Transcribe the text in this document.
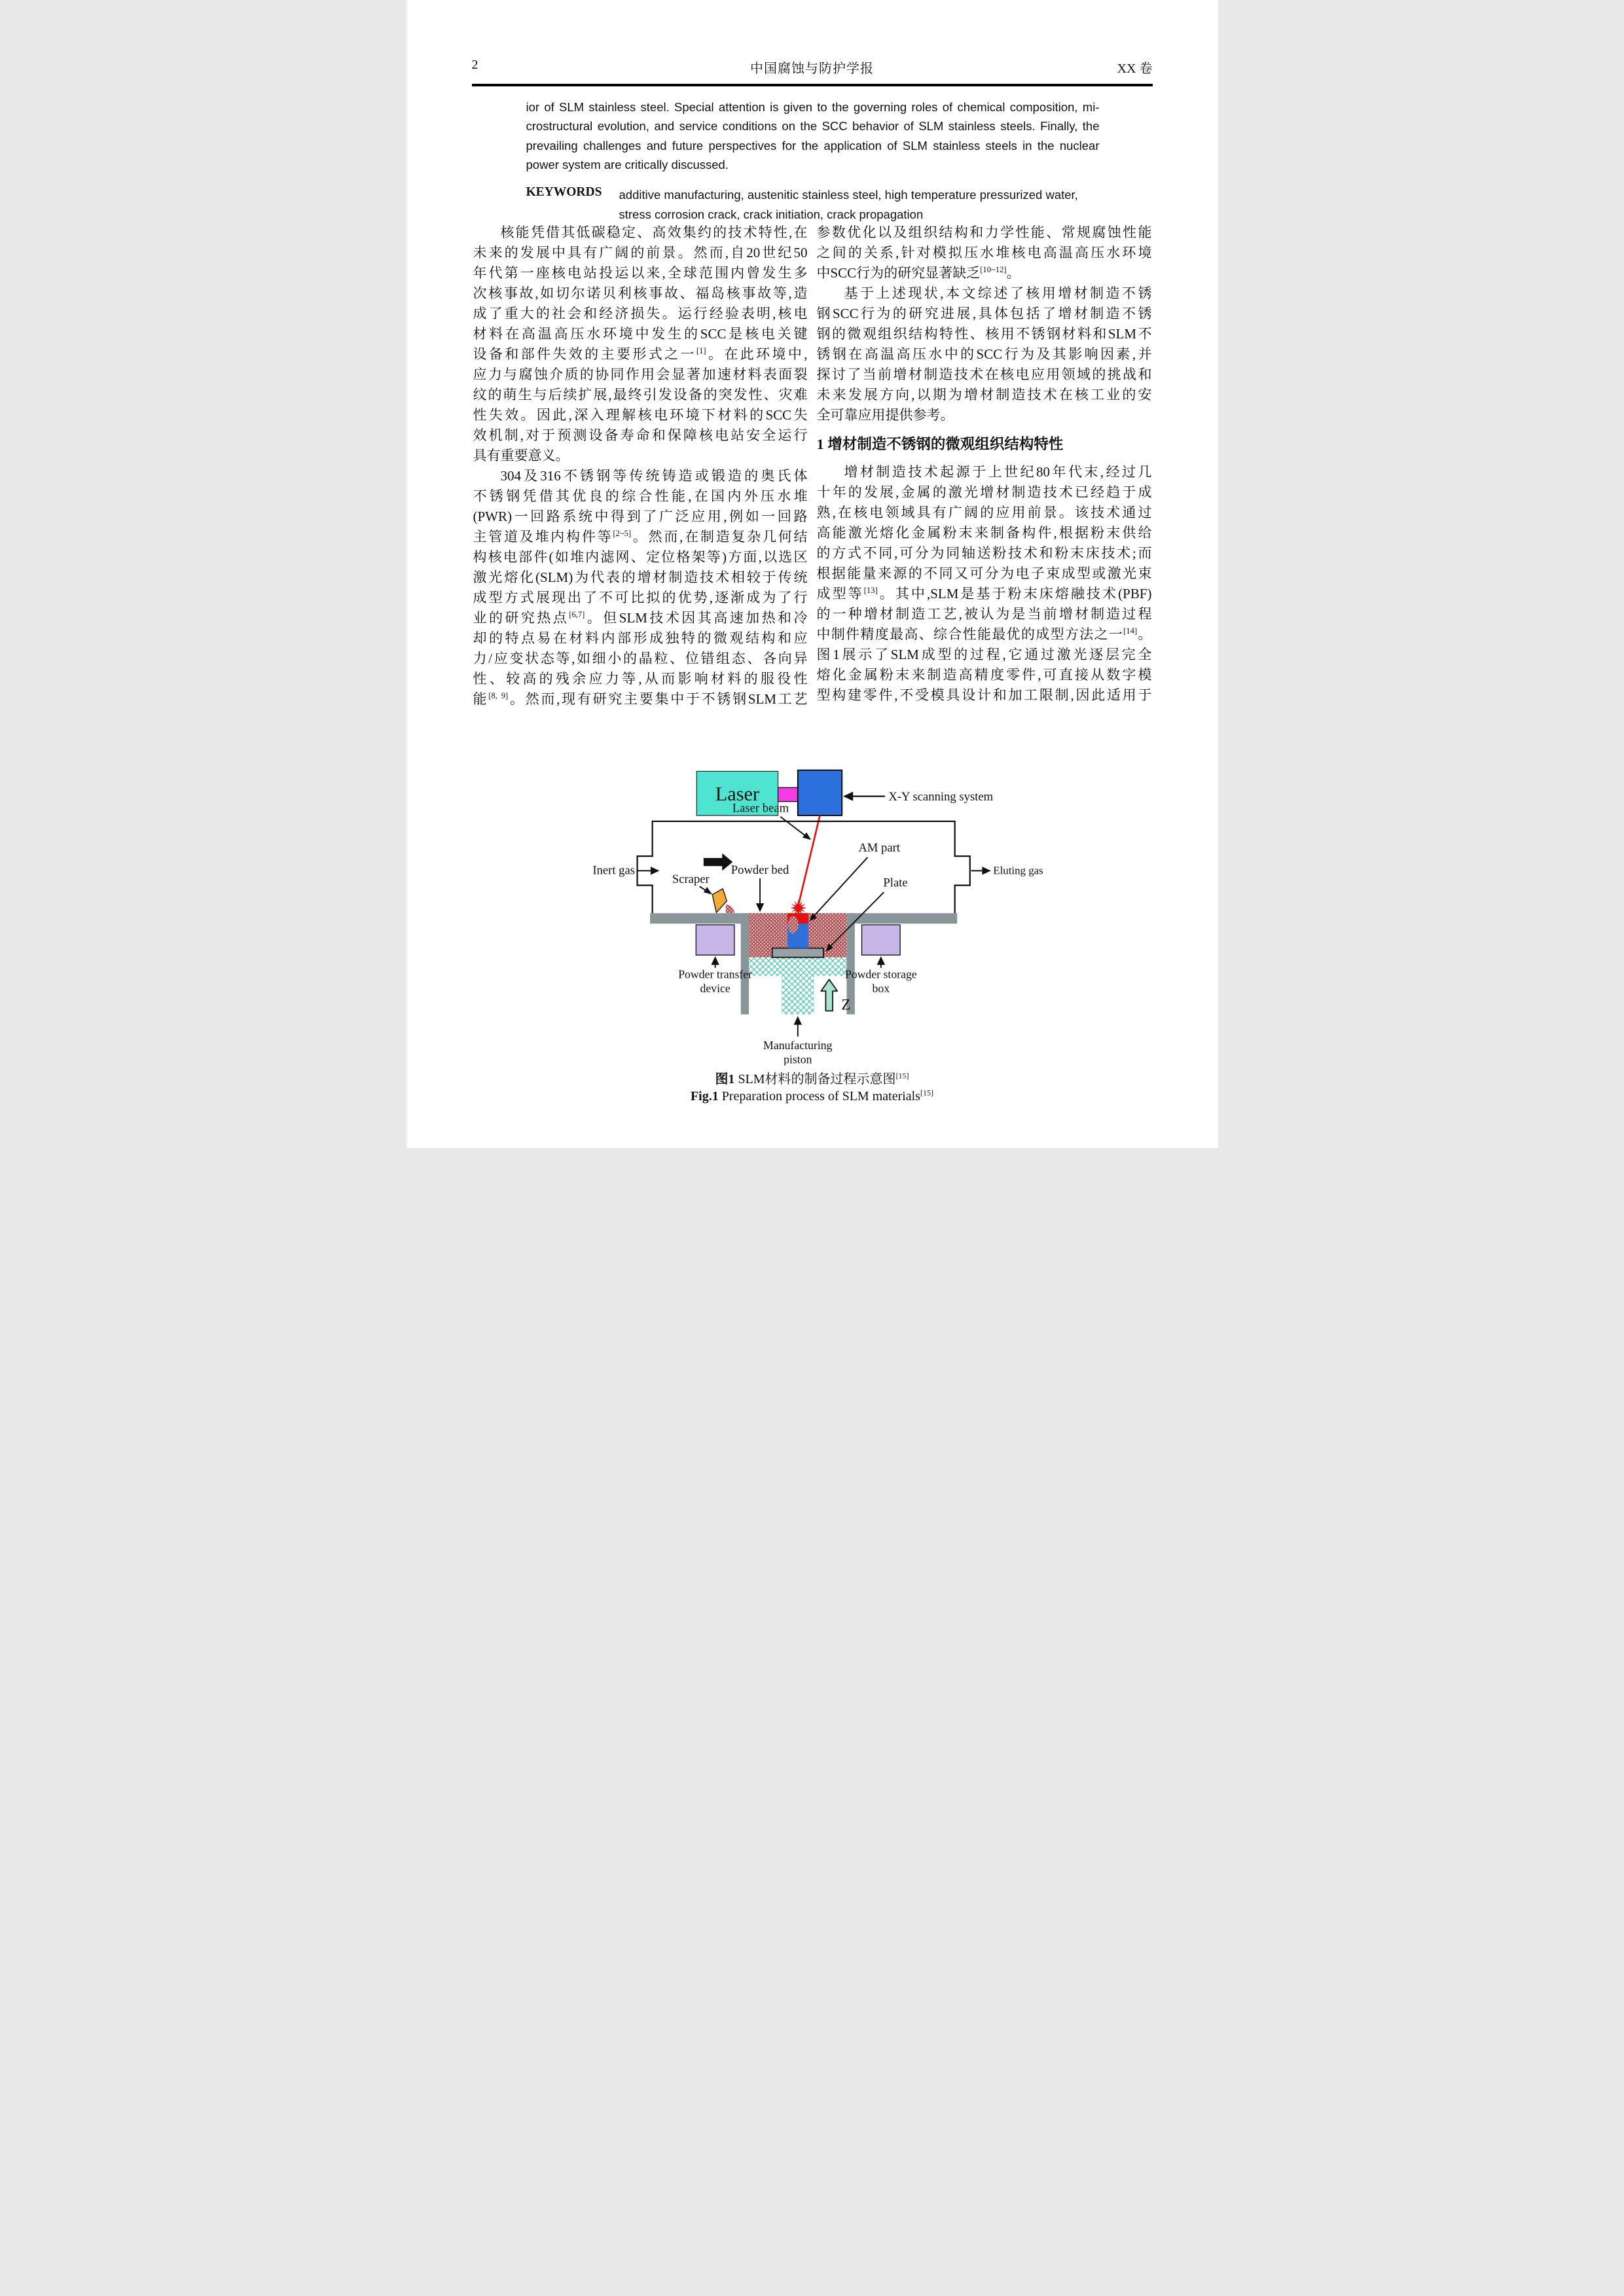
2	中国腐蚀与防护学报	XX 卷
ior of SLM stainless steel. Special attention is given to the governing roles of chemical composition, mi-
crostructural evolution, and service conditions on the SCC behavior of SLM stainless steels. Finally, the
prevailing challenges and future perspectives for the application of SLM stainless steels in the nuclear
power system are critically discussed.
KEYWORDS	additive manufacturing, austenitic stainless steel, high temperature pressurized water,
stress corrosion crack, crack initiation, crack propagation
核能凭借其低碳稳定、高效集约的技术特性,在
未来的发展中具有广阔的前景。然而,自20世纪50
年代第一座核电站投运以来,全球范围内曾发生多
次核事故,如切尔诺贝利核事故、福岛核事故等,造
成了重大的社会和经济损失。运行经验表明,核电
材料在高温高压水环境中发生的SCC是核电关键
设备和部件失效的主要形式之一[1]。在此环境中,
应力与腐蚀介质的协同作用会显著加速材料表面裂
纹的萌生与后续扩展,最终引发设备的突发性、灾难
性失效。因此,深入理解核电环境下材料的SCC失
效机制,对于预测设备寿命和保障核电站安全运行
具有重要意义。
304及316不锈钢等传统铸造或锻造的奥氏体
不锈钢凭借其优良的综合性能,在国内外压水堆
(PWR)一回路系统中得到了广泛应用,例如一回路
主管道及堆内构件等[2~5]。然而,在制造复杂几何结
构核电部件(如堆内滤网、定位格架等)方面,以选区
激光熔化(SLM)为代表的增材制造技术相较于传统
成型方式展现出了不可比拟的优势,逐渐成为了行
业的研究热点[6,7]。但SLM技术因其高速加热和冷
却的特点易在材料内部形成独特的微观结构和应
力/应变状态等,如细小的晶粒、位错组态、各向异
性、较高的残余应力等,从而影响材料的服役性
能[8, 9]。然而,现有研究主要集中于不锈钢SLM工艺
参数优化以及组织结构和力学性能、常规腐蚀性能
之间的关系,针对模拟压水堆核电高温高压水环境
中SCC行为的研究显著缺乏[10~12]。
基于上述现状,本文综述了核用增材制造不锈
钢SCC行为的研究进展,具体包括了增材制造不锈
钢的微观组织结构特性、核用不锈钢材料和SLM不
锈钢在高温高压水中的SCC行为及其影响因素,并
探讨了当前增材制造技术在核电应用领域的挑战和
未来发展方向,以期为增材制造技术在核工业的安
全可靠应用提供参考。
1 增材制造不锈钢的微观组织结构特性
增材制造技术起源于上世纪80年代末,经过几
十年的发展,金属的激光增材制造技术已经趋于成
熟,在核电领域具有广阔的应用前景。该技术通过
高能激光熔化金属粉末来制备构件,根据粉末供给
的方式不同,可分为同轴送粉技术和粉末床技术;而
根据能量来源的不同又可分为电子束成型或激光束
成型等[13]。其中,SLM是基于粉末床熔融技术(PBF)
的一种增材制造工艺,被认为是当前增材制造过程
中制件精度最高、综合性能最优的成型方法之一[14]。
图1展示了SLM成型的过程,它通过激光逐层完全
熔化金属粉末来制造高精度零件,可直接从数字模
型构建零件,不受模具设计和加工限制,因此适用于
Laser	X-Y scanning system
Laser beam
Inert gas	Eluting gas
Powder bed
Scraper
AM part
Plate
Powder transfer
device
Powder storage
box
Z
Manufacturing
piston
图1 SLM材料的制备过程示意图[15]
Fig.1 Preparation process of SLM materials[15]
